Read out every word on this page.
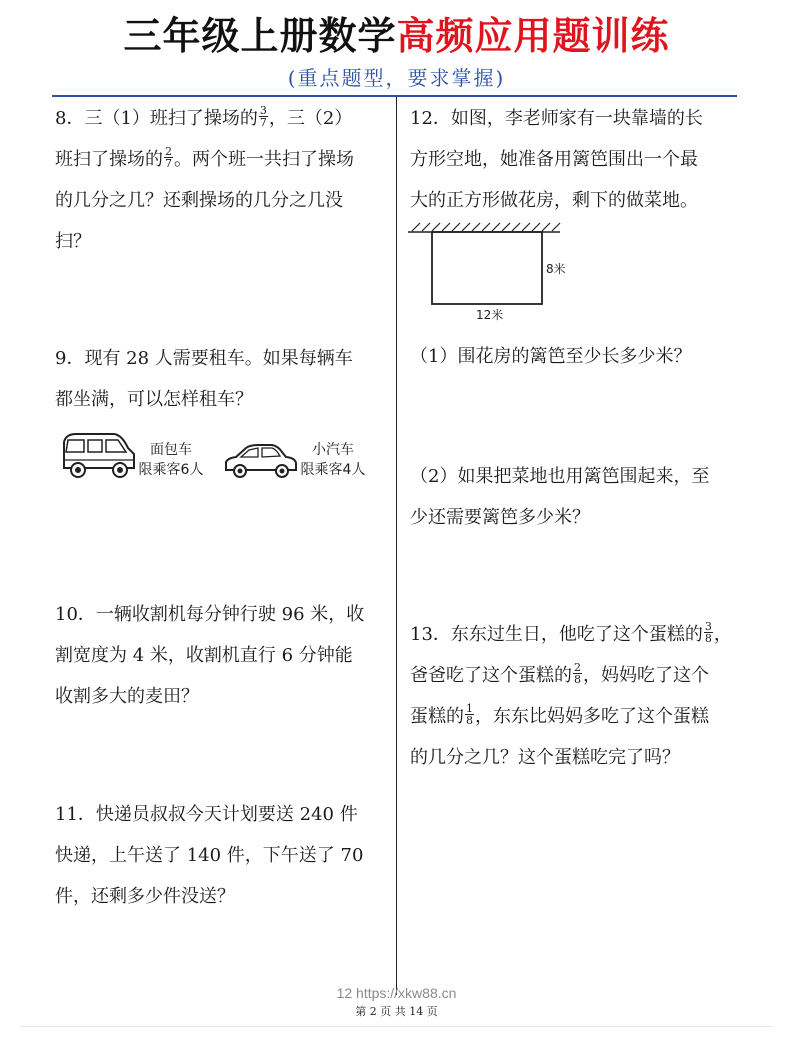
三年级上册数学高频应用题训练
(重点题型，要求掌握)
8．三（1）班扫了操场的 $\frac{3}{7}$ ，三（2）
班扫了操场的 $\frac{2}{7}$ 。两个班一共扫了操场
的几分之几？还剩操场的几分之几没
扫？
9．现有 28 人需要租车。如果每辆车
都坐满，可以怎样租车？
面包车
限乘客6人
小汽车
限乘客4人
10．一辆收割机每分钟行驶 96 米，收
割宽度为 4 米，收割机直行 6 分钟能
收割多大的麦田？
11．快递员叔叔今天计划要送 240 件
快递，上午送了 140 件，下午送了 70
件，还剩多少件没送？
12．如图，李老师家有一块靠墙的长
方形空地，她准备用篱笆围出一个最
大的正方形做花房，剩下的做菜地。
8米
12米
（1）围花房的篱笆至少长多少米？
（2）如果把菜地也用篱笆围起来，至
少还需要篱笆多少米？
13．东东过生日，他吃了这个蛋糕的 $\frac{3}{8}$ ，
爸爸吃了这个蛋糕的 $\frac{2}{8}$ ，妈妈吃了这个
蛋糕的 $\frac{1}{8}$ ，东东比妈妈多吃了这个蛋糕
的几分之几？这个蛋糕吃完了吗？
12 https://xkw88.cn
第 2 页 共 14 页
